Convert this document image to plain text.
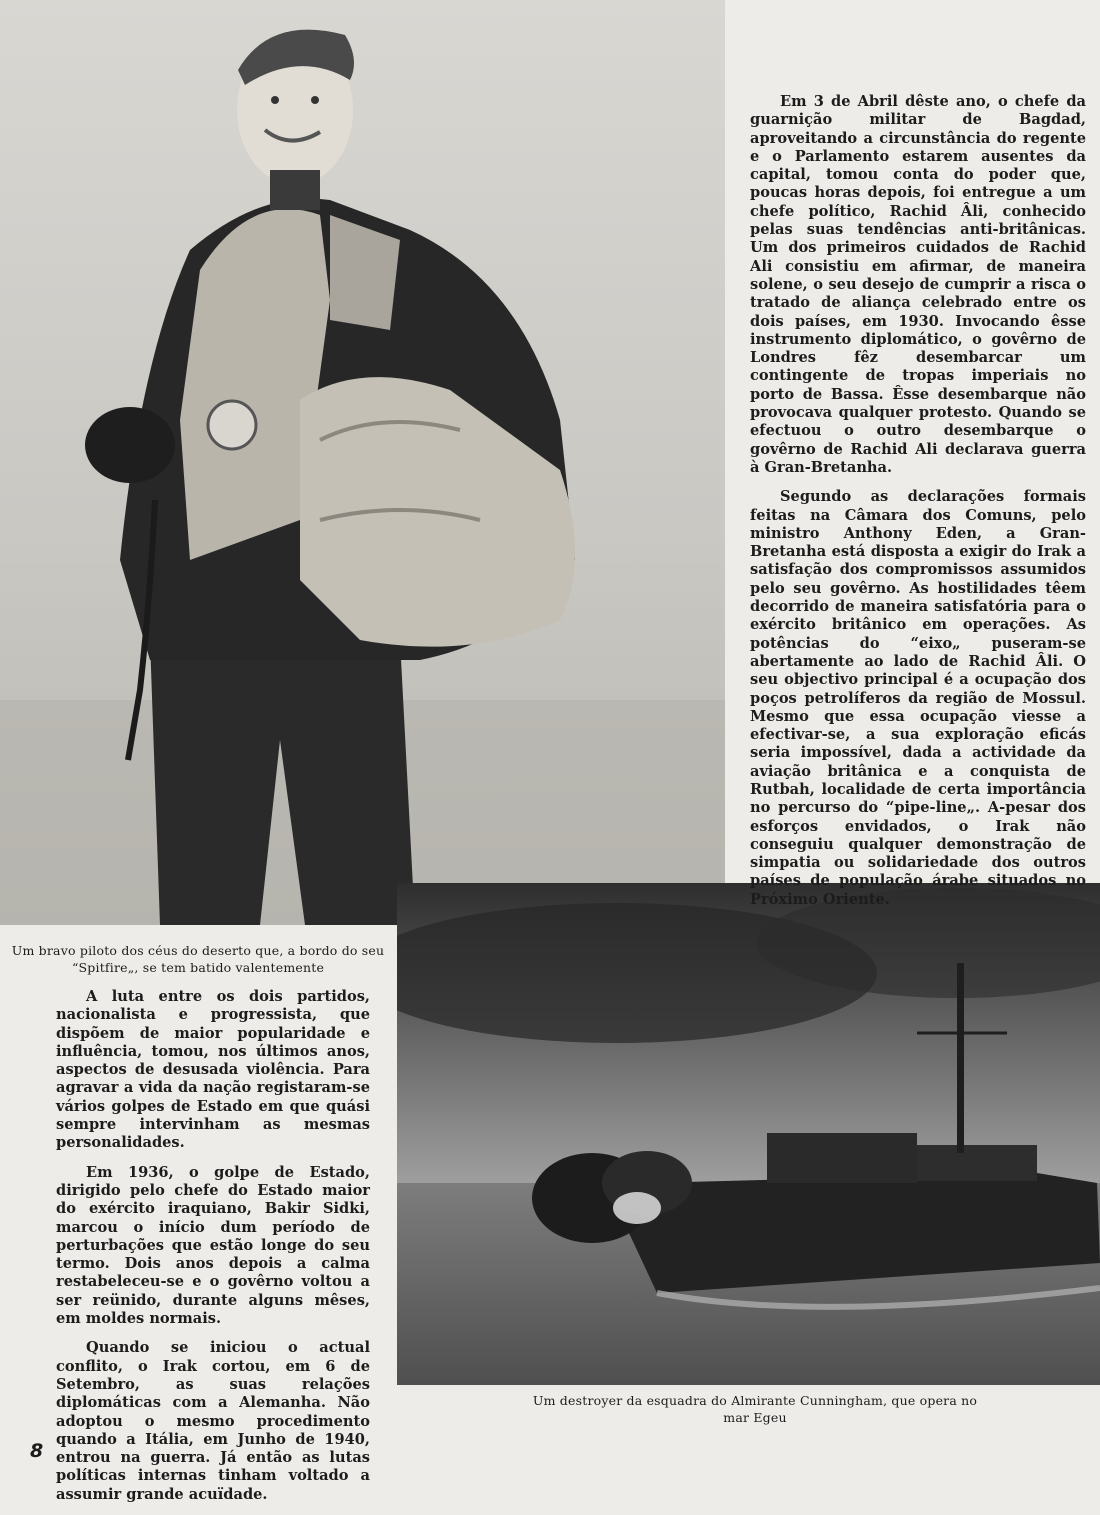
Em 3 de Abril dêste ano, o chefe da guarnição militar de Bagdad, aproveitando a circunstância do regente e o Parlamento estarem ausentes da capital, tomou conta do poder que, poucas horas depois, foi entregue a um chefe político, Rachid Âli, conhecido pelas suas tendências anti-britânicas. Um dos primeiros cuidados de Rachid Ali consistiu em afirmar, de maneira solene, o seu desejo de cumprir a risca o tratado de aliança celebrado entre os dois países, em 1930. Invocando êsse instrumento diplomático, o govêrno de Londres fêz desembarcar um contingente de tropas imperiais no porto de Bassa. Êsse desembarque não provocava qualquer protesto. Quando se efectuou o outro desembarque o govêrno de Rachid Ali declarava guerra à Gran-Bretanha.

Segundo as declarações formais feitas na Câmara dos Comuns, pelo ministro Anthony Eden, a Gran-Bretanha está disposta a exigir do Irak a satisfação dos compromissos assumidos pelo seu govêrno. As hostilidades têem decorrido de maneira satisfatória para o exército britânico em operações. As potências do “eixo„ puseram-se abertamente ao lado de Rachid Âli. O seu objectivo principal é a ocupação dos poços petrolíferos da região de Mossul. Mesmo que essa ocupação viesse a efectivar-se, a sua exploração eficás seria impossível, dada a actividade da aviação britânica e a conquista de Rutbah, localidade de certa importância no percurso do “pipe-line„. A-pesar dos esforços envidados, o Irak não conseguiu qualquer demonstração de simpatia ou solidariedade dos outros países de população árabe situados no Próximo Oriente.

Um bravo piloto dos céus do deserto que, a bordo do seu “Spitfire„, se tem batido valentemente

A luta entre os dois partidos, nacionalista e progressista, que dispõem de maior popularidade e influência, tomou, nos últimos anos, aspectos de desusada violência. Para agravar a vida da nação registaram-se vários golpes de Estado em que quási sempre intervinham as mesmas personalidades.

Em 1936, o golpe de Estado, dirigido pelo chefe do Estado maior do exército iraquiano, Bakir Sidki, marcou o início dum período de perturbações que estão longe do seu termo. Dois anos depois a calma restabeleceu-se e o govêrno voltou a ser reünido, durante alguns mêses, em moldes normais.

Quando se iniciou o actual conflito, o Irak cortou, em 6 de Setembro, as suas relações diplomáticas com a Alemanha. Não adoptou o mesmo procedimento quando a Itália, em Junho de 1940, entrou na guerra. Já então as lutas políticas internas tinham voltado a assumir grande acuïdade.

Um destroyer da esquadra do Almirante Cunningham, que opera no mar Egeu
8
